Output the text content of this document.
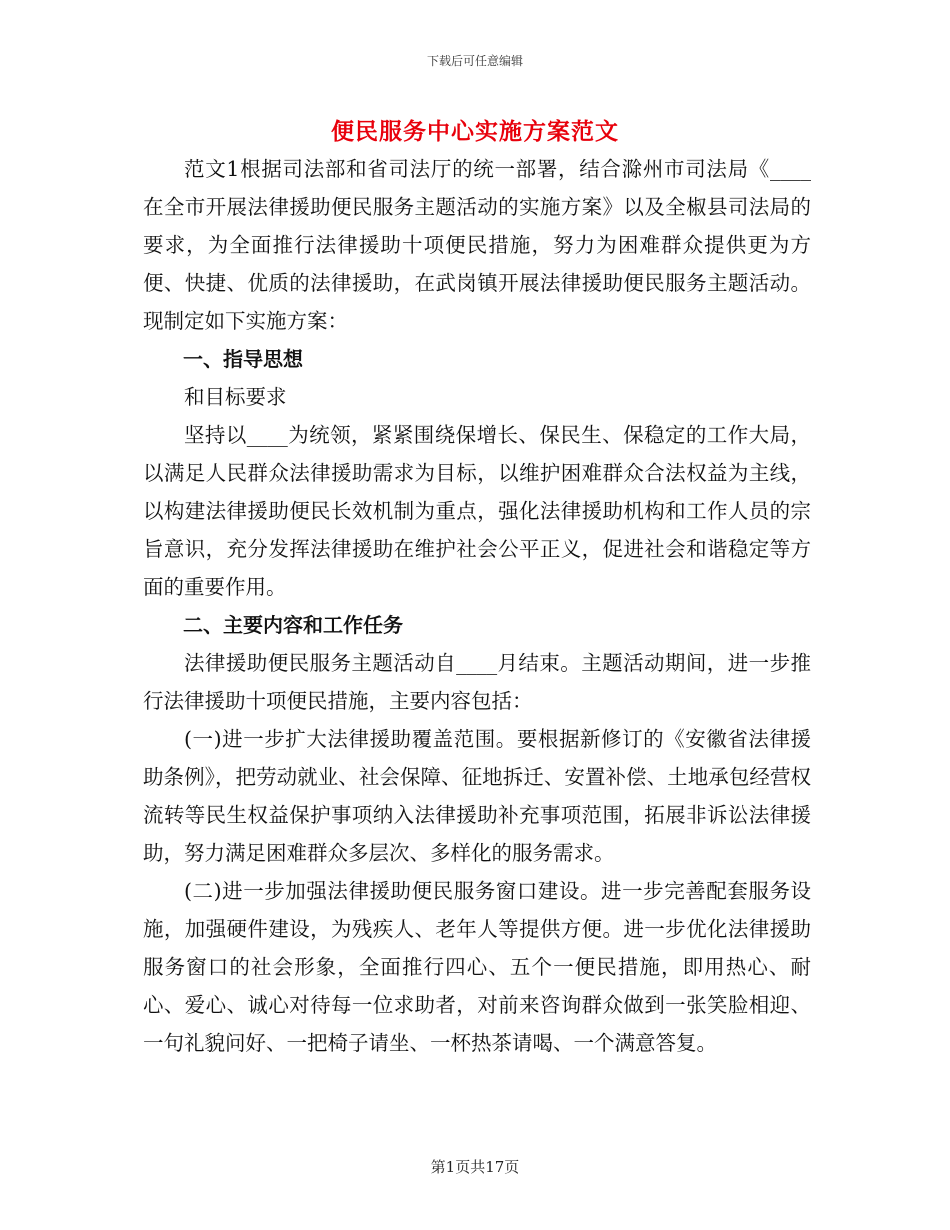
下载后可任意编辑
便民服务中心实施方案范文

范文1根据司法部和省司法厅的统一部署，结合滁州市司法局《____在全市开展法律援助便民服务主题活动的实施方案》以及全椒县司法局的要求，为全面推行法律援助十项便民措施，努力为困难群众提供更为方便、快捷、优质的法律援助，在武岗镇开展法律援助便民服务主题活动。现制定如下实施方案：

一、指导思想

和目标要求

坚持以____为统领，紧紧围绕保增长、保民生、保稳定的工作大局，以满足人民群众法律援助需求为目标，以维护困难群众合法权益为主线，以构建法律援助便民长效机制为重点，强化法律援助机构和工作人员的宗旨意识，充分发挥法律援助在维护社会公平正义，促进社会和谐稳定等方面的重要作用。

二、主要内容和工作任务

法律援助便民服务主题活动自____月结束。主题活动期间，进一步推行法律援助十项便民措施，主要内容包括：

(一)进一步扩大法律援助覆盖范围。要根据新修订的《安徽省法律援助条例》，把劳动就业、社会保障、征地拆迁、安置补偿、土地承包经营权流转等民生权益保护事项纳入法律援助补充事项范围，拓展非诉讼法律援助，努力满足困难群众多层次、多样化的服务需求。

(二)进一步加强法律援助便民服务窗口建设。进一步完善配套服务设施，加强硬件建设，为残疾人、老年人等提供方便。进一步优化法律援助服务窗口的社会形象，全面推行四心、五个一便民措施，即用热心、耐心、爱心、诚心对待每一位求助者，对前来咨询群众做到一张笑脸相迎、一句礼貌问好、一把椅子请坐、一杯热茶请喝、一个满意答复。

第1页共17页
